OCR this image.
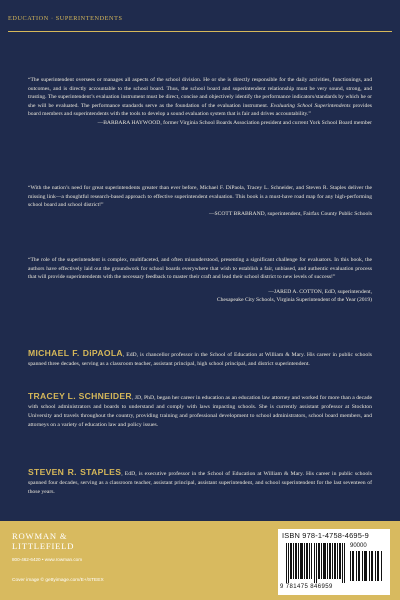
EDUCATION · SUPERINTENDENTS

“The superintendent oversees or manages all aspects of the school division. He or she is directly responsible for the daily activities, functionings, and outcomes, and is directly accountable to the school board. Thus, the school board and superintendent relationship must be very sound, strong, and trusting. The superintendent’s evaluation instrument must be direct, concise and objectively identify the performance indicators/standards by which he or she will be evaluated. The performance standards serve as the foundation of the evaluation instrument. Evaluating School Superintendents provides board members and superintendents with the tools to develop a sound evaluation system that is fair and drives accountability.”

—BARBARA HAYWOOD, former Virginia School Boards Association president and current York School Board member

“With the nation’s need for great superintendents greater than ever before, Michael F. DiPaola, Tracey L. Schneider, and Steven R. Staples deliver the missing link—a thoughtful research-based approach to effective superintendent evaluation. This book is a must-have road map for any high-performing school board and school district!”

—SCOTT BRABRAND, superintendent, Fairfax County Public Schools

“The role of the superintendent is complex, multifaceted, and often misunderstood, presenting a significant challenge for evaluators. In this book, the authors have effectively laid out the groundwork for school boards everywhere that wish to establish a fair, unbiased, and authentic evaluation process that will provide superintendents with the necessary feedback to master their craft and lead their school district to new levels of success!”

—JARED A. COTTON, EdD, superintendent,

Chesapeake City Schools, Virginia Superintendent of the Year (2019)

MICHAEL F. DiPAOLA, EdD, is chancellor professor in the School of Education at William & Mary. His career in public schools spanned three decades, serving as a classroom teacher, assistant principal, high school principal, and district superintendent.
TRACEY L. SCHNEIDER, JD, PhD, began her career in education as an education law attorney and worked for more than a decade with school administrators and boards to understand and comply with laws impacting schools. She is currently assistant professor at Stockton University and travels throughout the country, providing training and professional development to school administrators, school board members, and attorneys on a variety of education law and policy issues.
STEVEN R. STAPLES, EdD, is executive professor in the School of Education at William & Mary. His career in public schools spanned four decades, serving as a classroom teacher, assistant principal, assistant superintendent, and school superintendent for the last seventeen of those years.
ROWMAN &
LITTLEFIELD
800-462-6420 • www.rowman.com
Cover image © gettyimage.com/E+/STEEX
ISBN 978-1-4758-4695-9
90000
9 781475 846959
